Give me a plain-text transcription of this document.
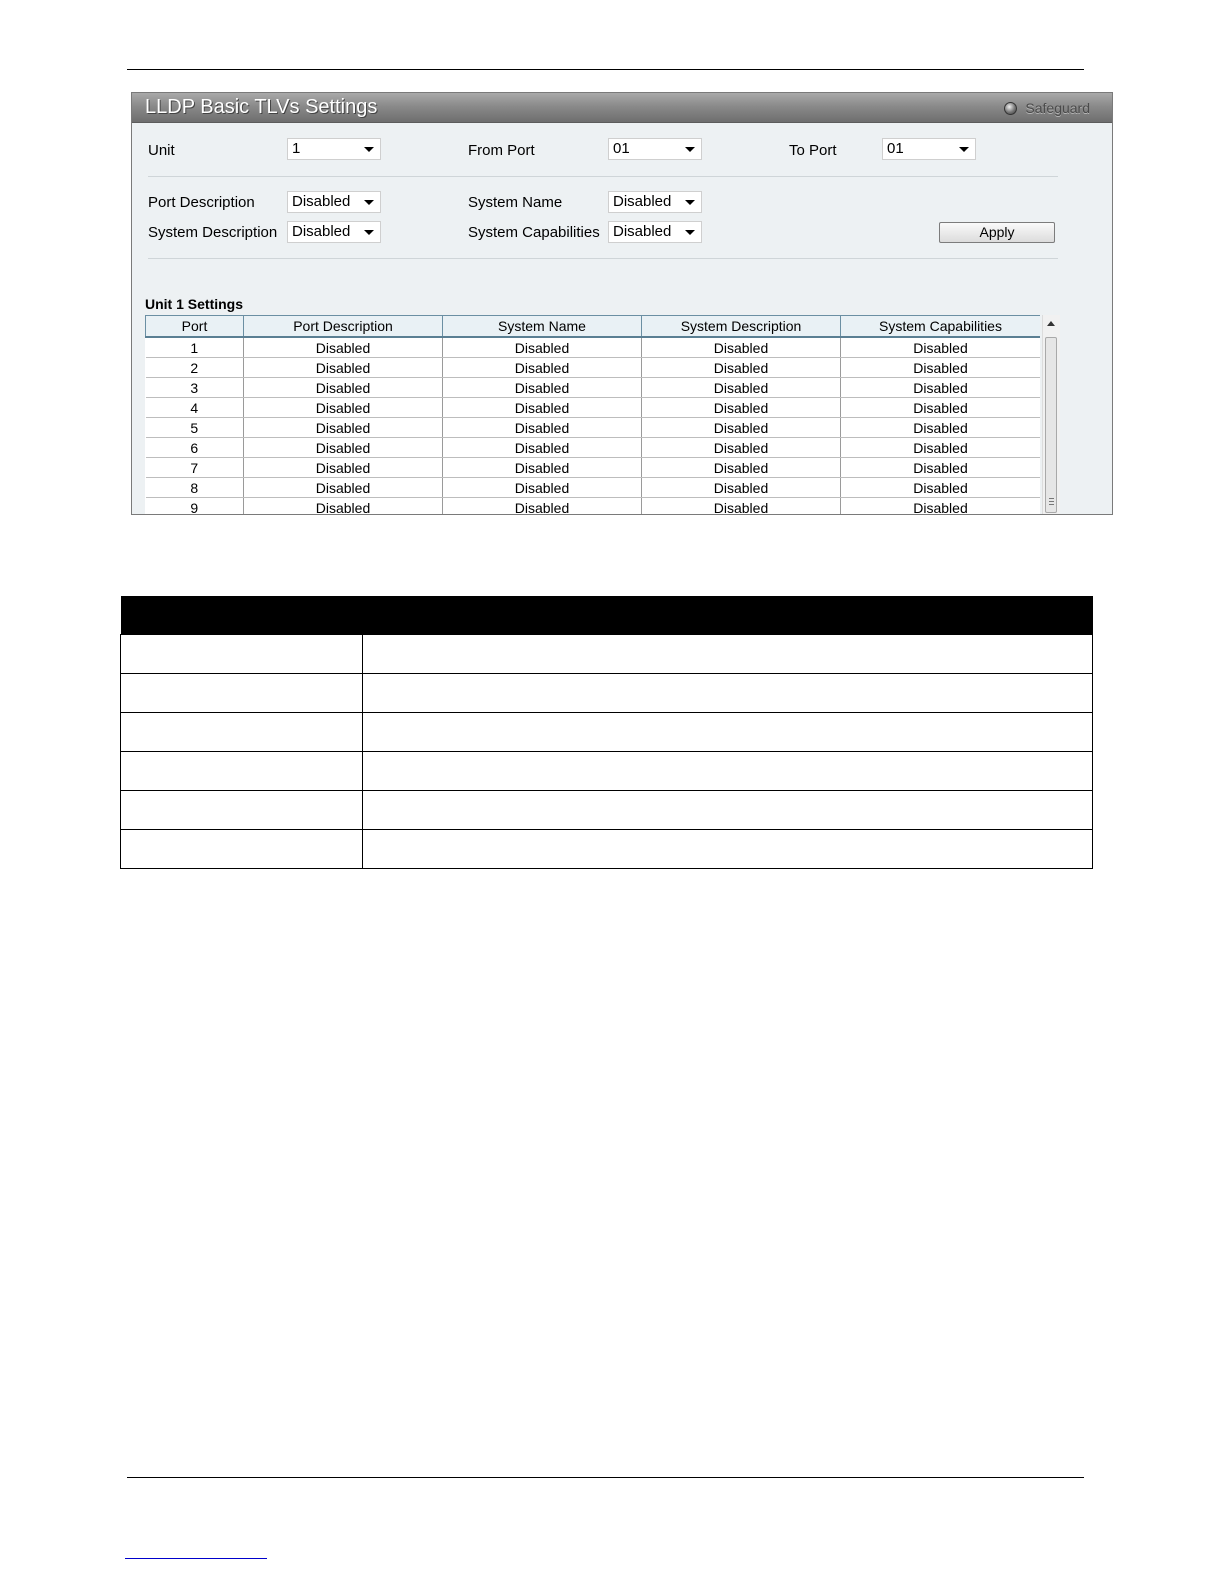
LLDP Basic TLVs Settings	Safeguard
Unit	1	From Port	01	To Port	01
Port Description	Disabled	System Name	Disabled
System Description Disabled	System Capabilities Disabled	Apply
Unit 1 Settings
Port	Port Description	System Name	System Description	System Capabilities
1	Disabled	Disabled	Disabled	Disabled
2	Disabled	Disabled	Disabled	Disabled
3	Disabled	Disabled	Disabled	Disabled
4	Disabled	Disabled	Disabled	Disabled
5	Disabled	Disabled	Disabled	Disabled
6	Disabled	Disabled	Disabled	Disabled
7	Disabled	Disabled	Disabled	Disabled
8	Disabled	Disabled	Disabled	Disabled
9	Disabled	Disabled	Disabled	Disabled
